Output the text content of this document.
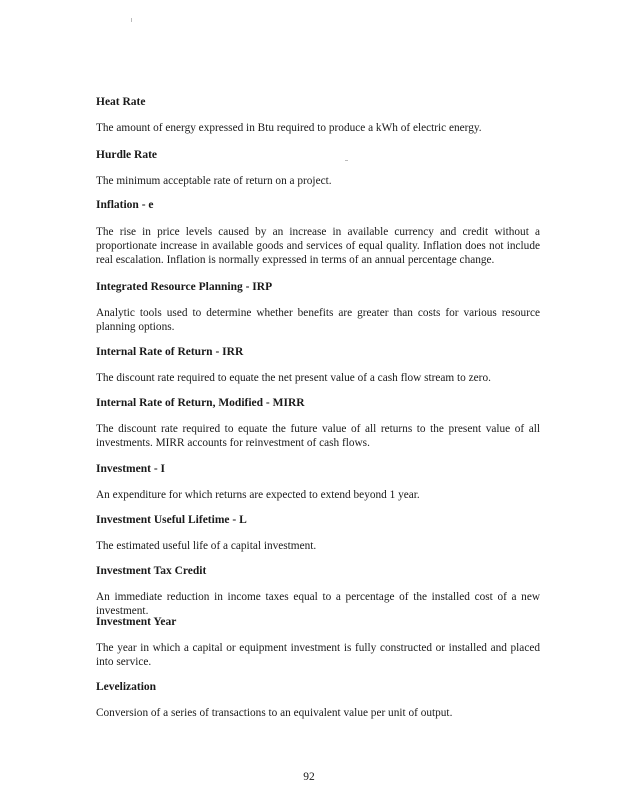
Heat Rate
The amount of energy expressed in Btu required to produce a kWh of electric energy.
Hurdle Rate
The minimum acceptable rate of return on a project.
Inflation - e
The rise in price levels caused by an increase in available currency and credit without a proportionate increase in available goods and services of equal quality. Inflation does not include real escalation. Inflation is normally expressed in terms of an annual percentage change.
Integrated Resource Planning - IRP
Analytic tools used to determine whether benefits are greater than costs for various resource planning options.
Internal Rate of Return - IRR
The discount rate required to equate the net present value of a cash flow stream to zero.
Internal Rate of Return, Modified - MIRR
The discount rate required to equate the future value of all returns to the present value of all investments. MIRR accounts for reinvestment of cash flows.
Investment - I
An expenditure for which returns are expected to extend beyond 1 year.
Investment Useful Lifetime - L
The estimated useful life of a capital investment.
Investment Tax Credit
An immediate reduction in income taxes equal to a percentage of the installed cost of a new investment.
Investment Year
The year in which a capital or equipment investment is fully constructed or installed and placed into service.
Levelization
Conversion of a series of transactions to an equivalent value per unit of output.
92
